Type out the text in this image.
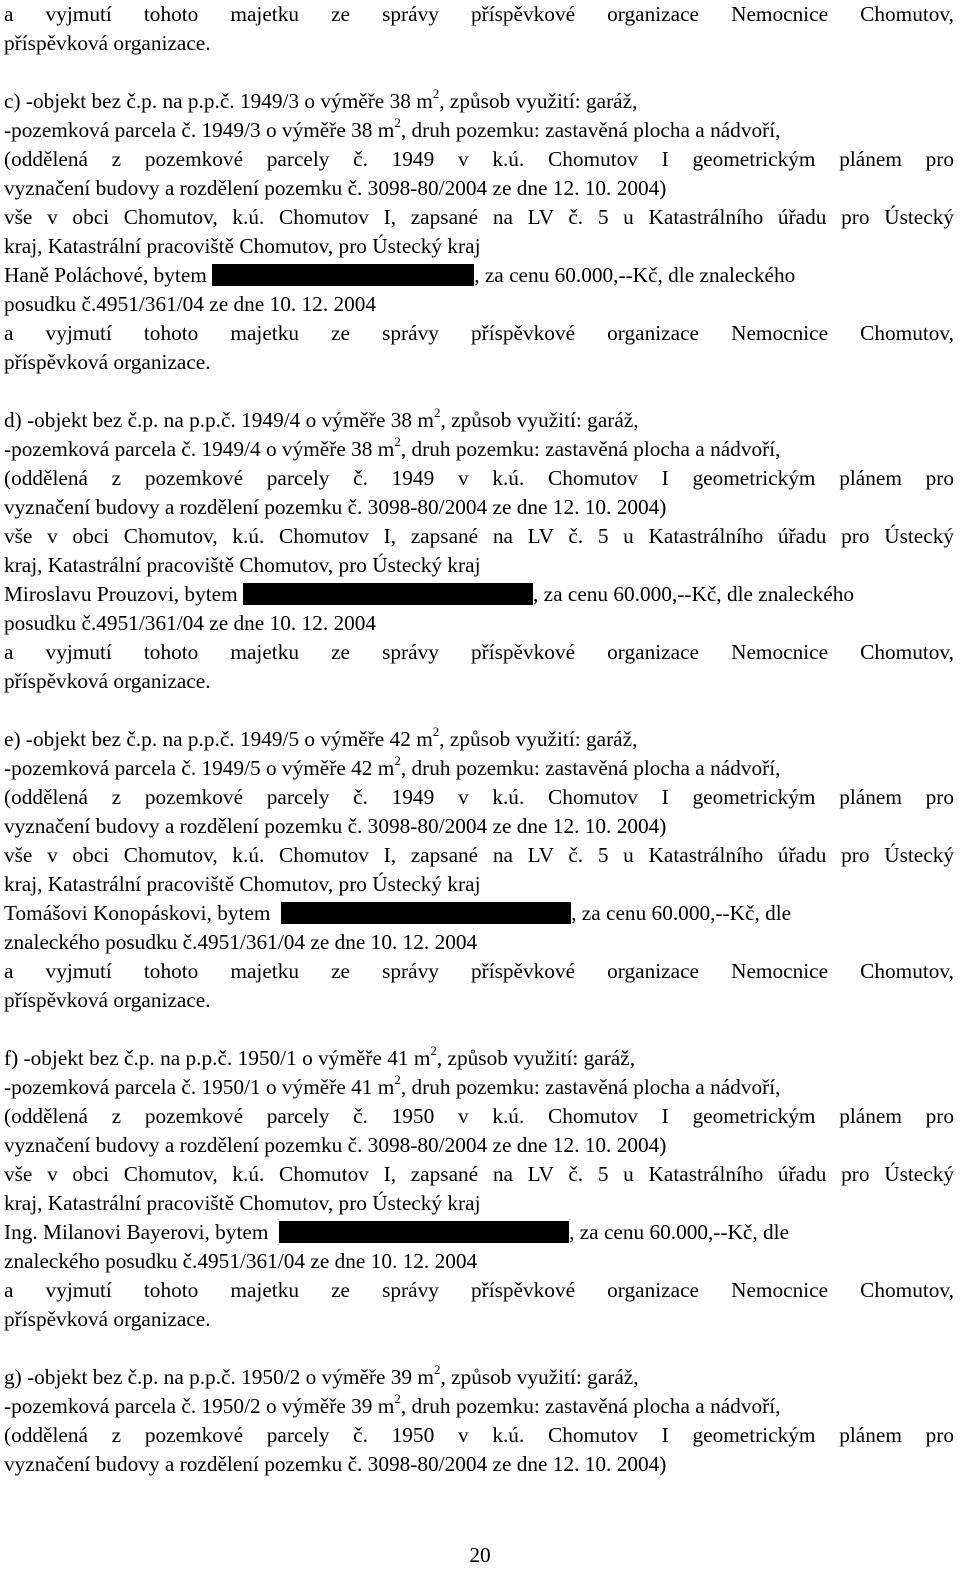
a vyjmutí tohoto majetku ze správy příspěvkové organizace Nemocnice Chomutov,
příspěvková organizace.
c) -objekt bez č.p. na p.p.č. 1949/3 o výměře 38 $m^2$, způsob využití: garáž,
-pozemková parcela č. 1949/3 o výměře 38 $m^2$, druh pozemku: zastavěná plocha a nádvoří,
(oddělená z pozemkové parcely č. 1949 v k.ú. Chomutov I geometrickým plánem pro
vyznačení budovy a rozdělení pozemku č. 3098-80/2004 ze dne 12. 10. 2004)
vše v obci Chomutov, k.ú. Chomutov I, zapsané na LV č. 5 u Katastrálního úřadu pro Ústecký
kraj, Katastrální pracoviště Chomutov, pro Ústecký kraj
Haně Poláchové, bytem	, za cenu 60.000,--Kč, dle znaleckého
posudku č.4951/361/04 ze dne 10. 12. 2004
a vyjmutí tohoto majetku ze správy příspěvkové organizace Nemocnice Chomutov,
příspěvková organizace.
d) -objekt bez č.p. na p.p.č. 1949/4 o výměře 38 $m^2$, způsob využití: garáž,
-pozemková parcela č. 1949/4 o výměře 38 $m^2$, druh pozemku: zastavěná plocha a nádvoří,
(oddělená z pozemkové parcely č. 1949 v k.ú. Chomutov I geometrickým plánem pro
vyznačení budovy a rozdělení pozemku č. 3098-80/2004 ze dne 12. 10. 2004)
vše v obci Chomutov, k.ú. Chomutov I, zapsané na LV č. 5 u Katastrálního úřadu pro Ústecký
kraj, Katastrální pracoviště Chomutov, pro Ústecký kraj
Miroslavu Prouzovi, bytem	, za cenu 60.000,--Kč, dle znaleckého
posudku č.4951/361/04 ze dne 10. 12. 2004
a vyjmutí tohoto majetku ze správy příspěvkové organizace Nemocnice Chomutov,
příspěvková organizace.
e) -objekt bez č.p. na p.p.č. 1949/5 o výměře 42 $m^2$, způsob využití: garáž,
-pozemková parcela č. 1949/5 o výměře 42 $m^2$, druh pozemku: zastavěná plocha a nádvoří,
(oddělená z pozemkové parcely č. 1949 v k.ú. Chomutov I geometrickým plánem pro
vyznačení budovy a rozdělení pozemku č. 3098-80/2004 ze dne 12. 10. 2004)
vše v obci Chomutov, k.ú. Chomutov I, zapsané na LV č. 5 u Katastrálního úřadu pro Ústecký
kraj, Katastrální pracoviště Chomutov, pro Ústecký kraj
Tomášovi Konopáskovi, bytem	, za cenu 60.000,--Kč, dle
znaleckého posudku č.4951/361/04 ze dne 10. 12. 2004
a vyjmutí tohoto majetku ze správy příspěvkové organizace Nemocnice Chomutov,
příspěvková organizace.
f) -objekt bez č.p. na p.p.č. 1950/1 o výměře 41 $m^2$, způsob využití: garáž,
-pozemková parcela č. 1950/1 o výměře 41 $m^2$, druh pozemku: zastavěná plocha a nádvoří,
(oddělená z pozemkové parcely č. 1950 v k.ú. Chomutov I geometrickým plánem pro
vyznačení budovy a rozdělení pozemku č. 3098-80/2004 ze dne 12. 10. 2004)
vše v obci Chomutov, k.ú. Chomutov I, zapsané na LV č. 5 u Katastrálního úřadu pro Ústecký
kraj, Katastrální pracoviště Chomutov, pro Ústecký kraj
Ing. Milanovi Bayerovi, bytem	, za cenu 60.000,--Kč, dle
znaleckého posudku č.4951/361/04 ze dne 10. 12. 2004
a vyjmutí tohoto majetku ze správy příspěvkové organizace Nemocnice Chomutov,
příspěvková organizace.
g) -objekt bez č.p. na p.p.č. 1950/2 o výměře 39 $m^2$, způsob využití: garáž,
-pozemková parcela č. 1950/2 o výměře 39 $m^2$, druh pozemku: zastavěná plocha a nádvoří,
(oddělená z pozemkové parcely č. 1950 v k.ú. Chomutov I geometrickým plánem pro
vyznačení budovy a rozdělení pozemku č. 3098-80/2004 ze dne 12. 10. 2004)
20
